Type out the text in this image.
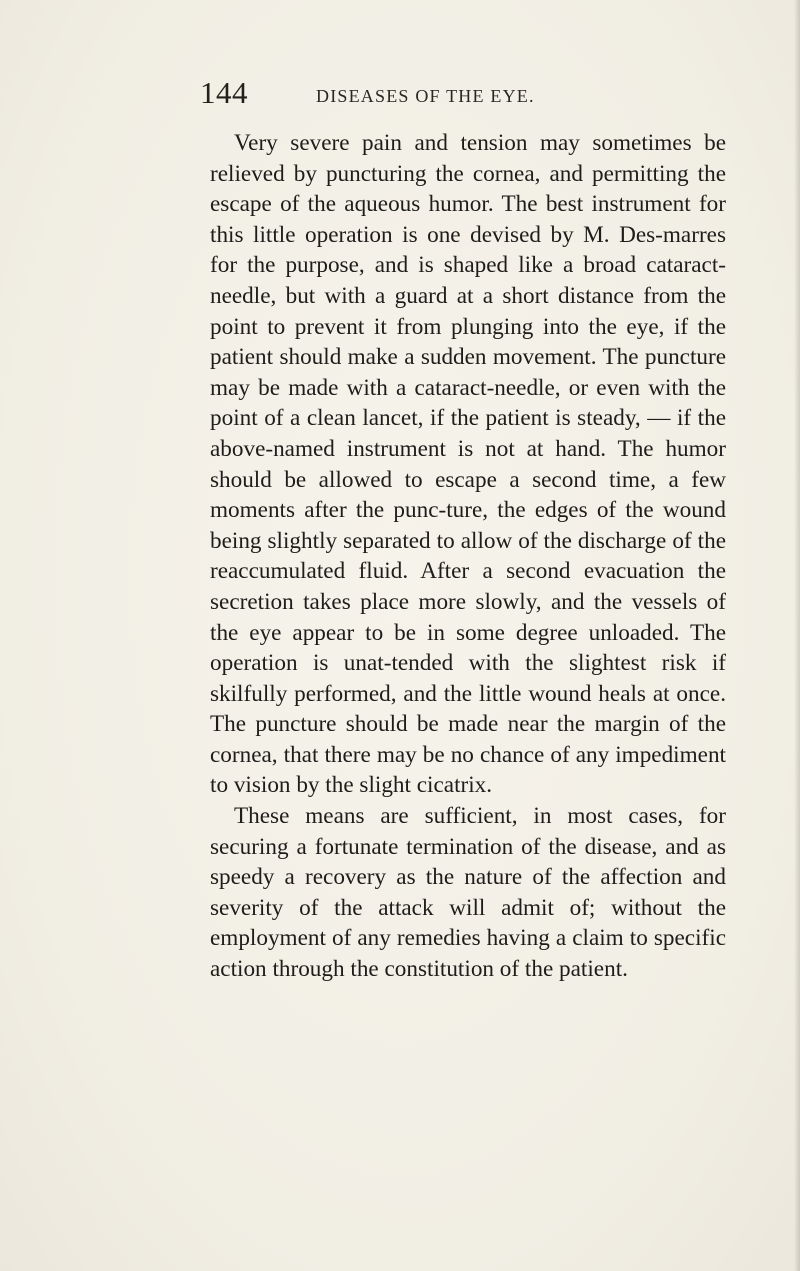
144	DISEASES OF THE EYE.

Very severe pain and tension may sometimes be relieved by puncturing the cornea, and permitting the escape of the aqueous humor. The best instrument for this little operation is one devised by M. Des-marres for the purpose, and is shaped like a broad cataract-needle, but with a guard at a short distance from the point to prevent it from plunging into the eye, if the patient should make a sudden movement. The puncture may be made with a cataract-needle, or even with the point of a clean lancet, if the patient is steady, — if the above-named instrument is not at hand. The humor should be allowed to escape a second time, a few moments after the punc-ture, the edges of the wound being slightly separated to allow of the discharge of the reaccumulated fluid. After a second evacuation the secretion takes place more slowly, and the vessels of the eye appear to be in some degree unloaded. The operation is unat-tended with the slightest risk if skilfully performed, and the little wound heals at once. The puncture should be made near the margin of the cornea, that there may be no chance of any impediment to vision by the slight cicatrix.

These means are sufficient, in most cases, for securing a fortunate termination of the disease, and as speedy a recovery as the nature of the affection and severity of the attack will admit of; without the employment of any remedies having a claim to specific action through the constitution of the patient.
